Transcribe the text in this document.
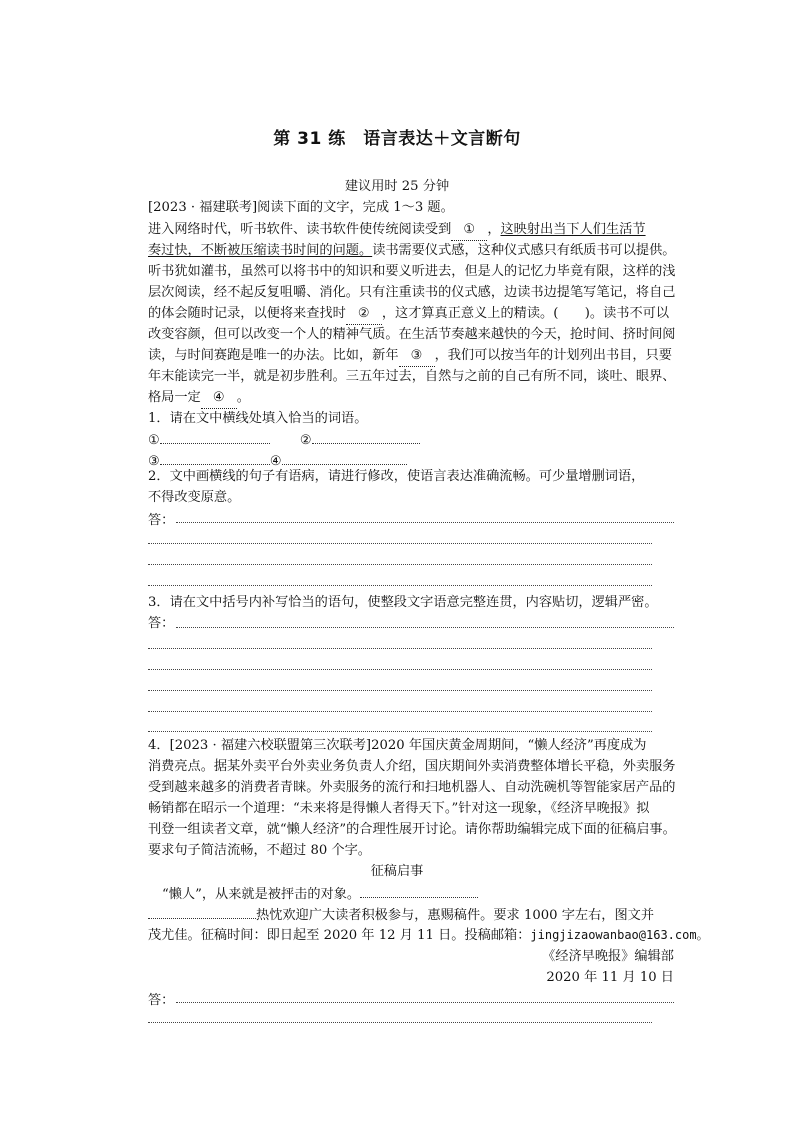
第 31 练　语言表达＋文言断句
建议用时 25 分钟
[2023 · 福建联考]阅读下面的文字，完成 1～3 题。
进入网络时代，听书软件、读书软件使传统阅读受到 ① ，这映射出当下人们生活节
奏过快，不断被压缩读书时间的问题。读书需要仪式感，这种仪式感只有纸质书可以提供。
听书犹如灌书，虽然可以将书中的知识和要义听进去，但是人的记忆力毕竟有限，这样的浅
层次阅读，经不起反复咀嚼、消化。只有注重读书的仪式感，边读书边提笔写笔记，将自己
的体会随时记录，以便将来查找时 ② ，这才算真正意义上的精读。(　　)。读书不可以
改变容颜，但可以改变一个人的精神气质。在生活节奏越来越快的今天，抢时间、挤时间阅
读，与时间赛跑是唯一的办法。比如，新年 ③ ，我们可以按当年的计划列出书目，只要
年末能读完一半，就是初步胜利。三五年过去，自然与之前的自己有所不同，谈吐、眼界、
格局一定 ④ 。
1．请在文中横线处填入恰当的词语。
①	②
③	④
2．文中画横线的句子有语病，请进行修改，使语言表达准确流畅。可少量增删词语，
不得改变原意。
答：
3．请在文中括号内补写恰当的语句，使整段文字语意完整连贯，内容贴切，逻辑严密。
答：
4．[2023 · 福建六校联盟第三次联考]2020 年国庆黄金周期间，“懒人经济”再度成为
消费亮点。据某外卖平台外卖业务负责人介绍，国庆期间外卖消费整体增长平稳，外卖服务
受到越来越多的消费者青睐。外卖服务的流行和扫地机器人、自动洗碗机等智能家居产品的
畅销都在昭示一个道理：“未来将是得懒人者得天下。”针对这一现象，《经济早晚报》拟
刊登一组读者文章，就“懒人经济”的合理性展开讨论。请你帮助编辑完成下面的征稿启事。
要求句子简洁流畅，不超过 80 个字。
征稿启事
“懒人”，从来就是被抨击的对象。
热忱欢迎广大读者积极参与，惠赐稿件。要求 1000 字左右，图文并
茂尤佳。征稿时间：即日起至 2020 年 12 月 11 日。投稿邮箱：jingjizaowanbao@163.com。
《经济早晚报》编辑部
2020 年 11 月 10 日
答：
